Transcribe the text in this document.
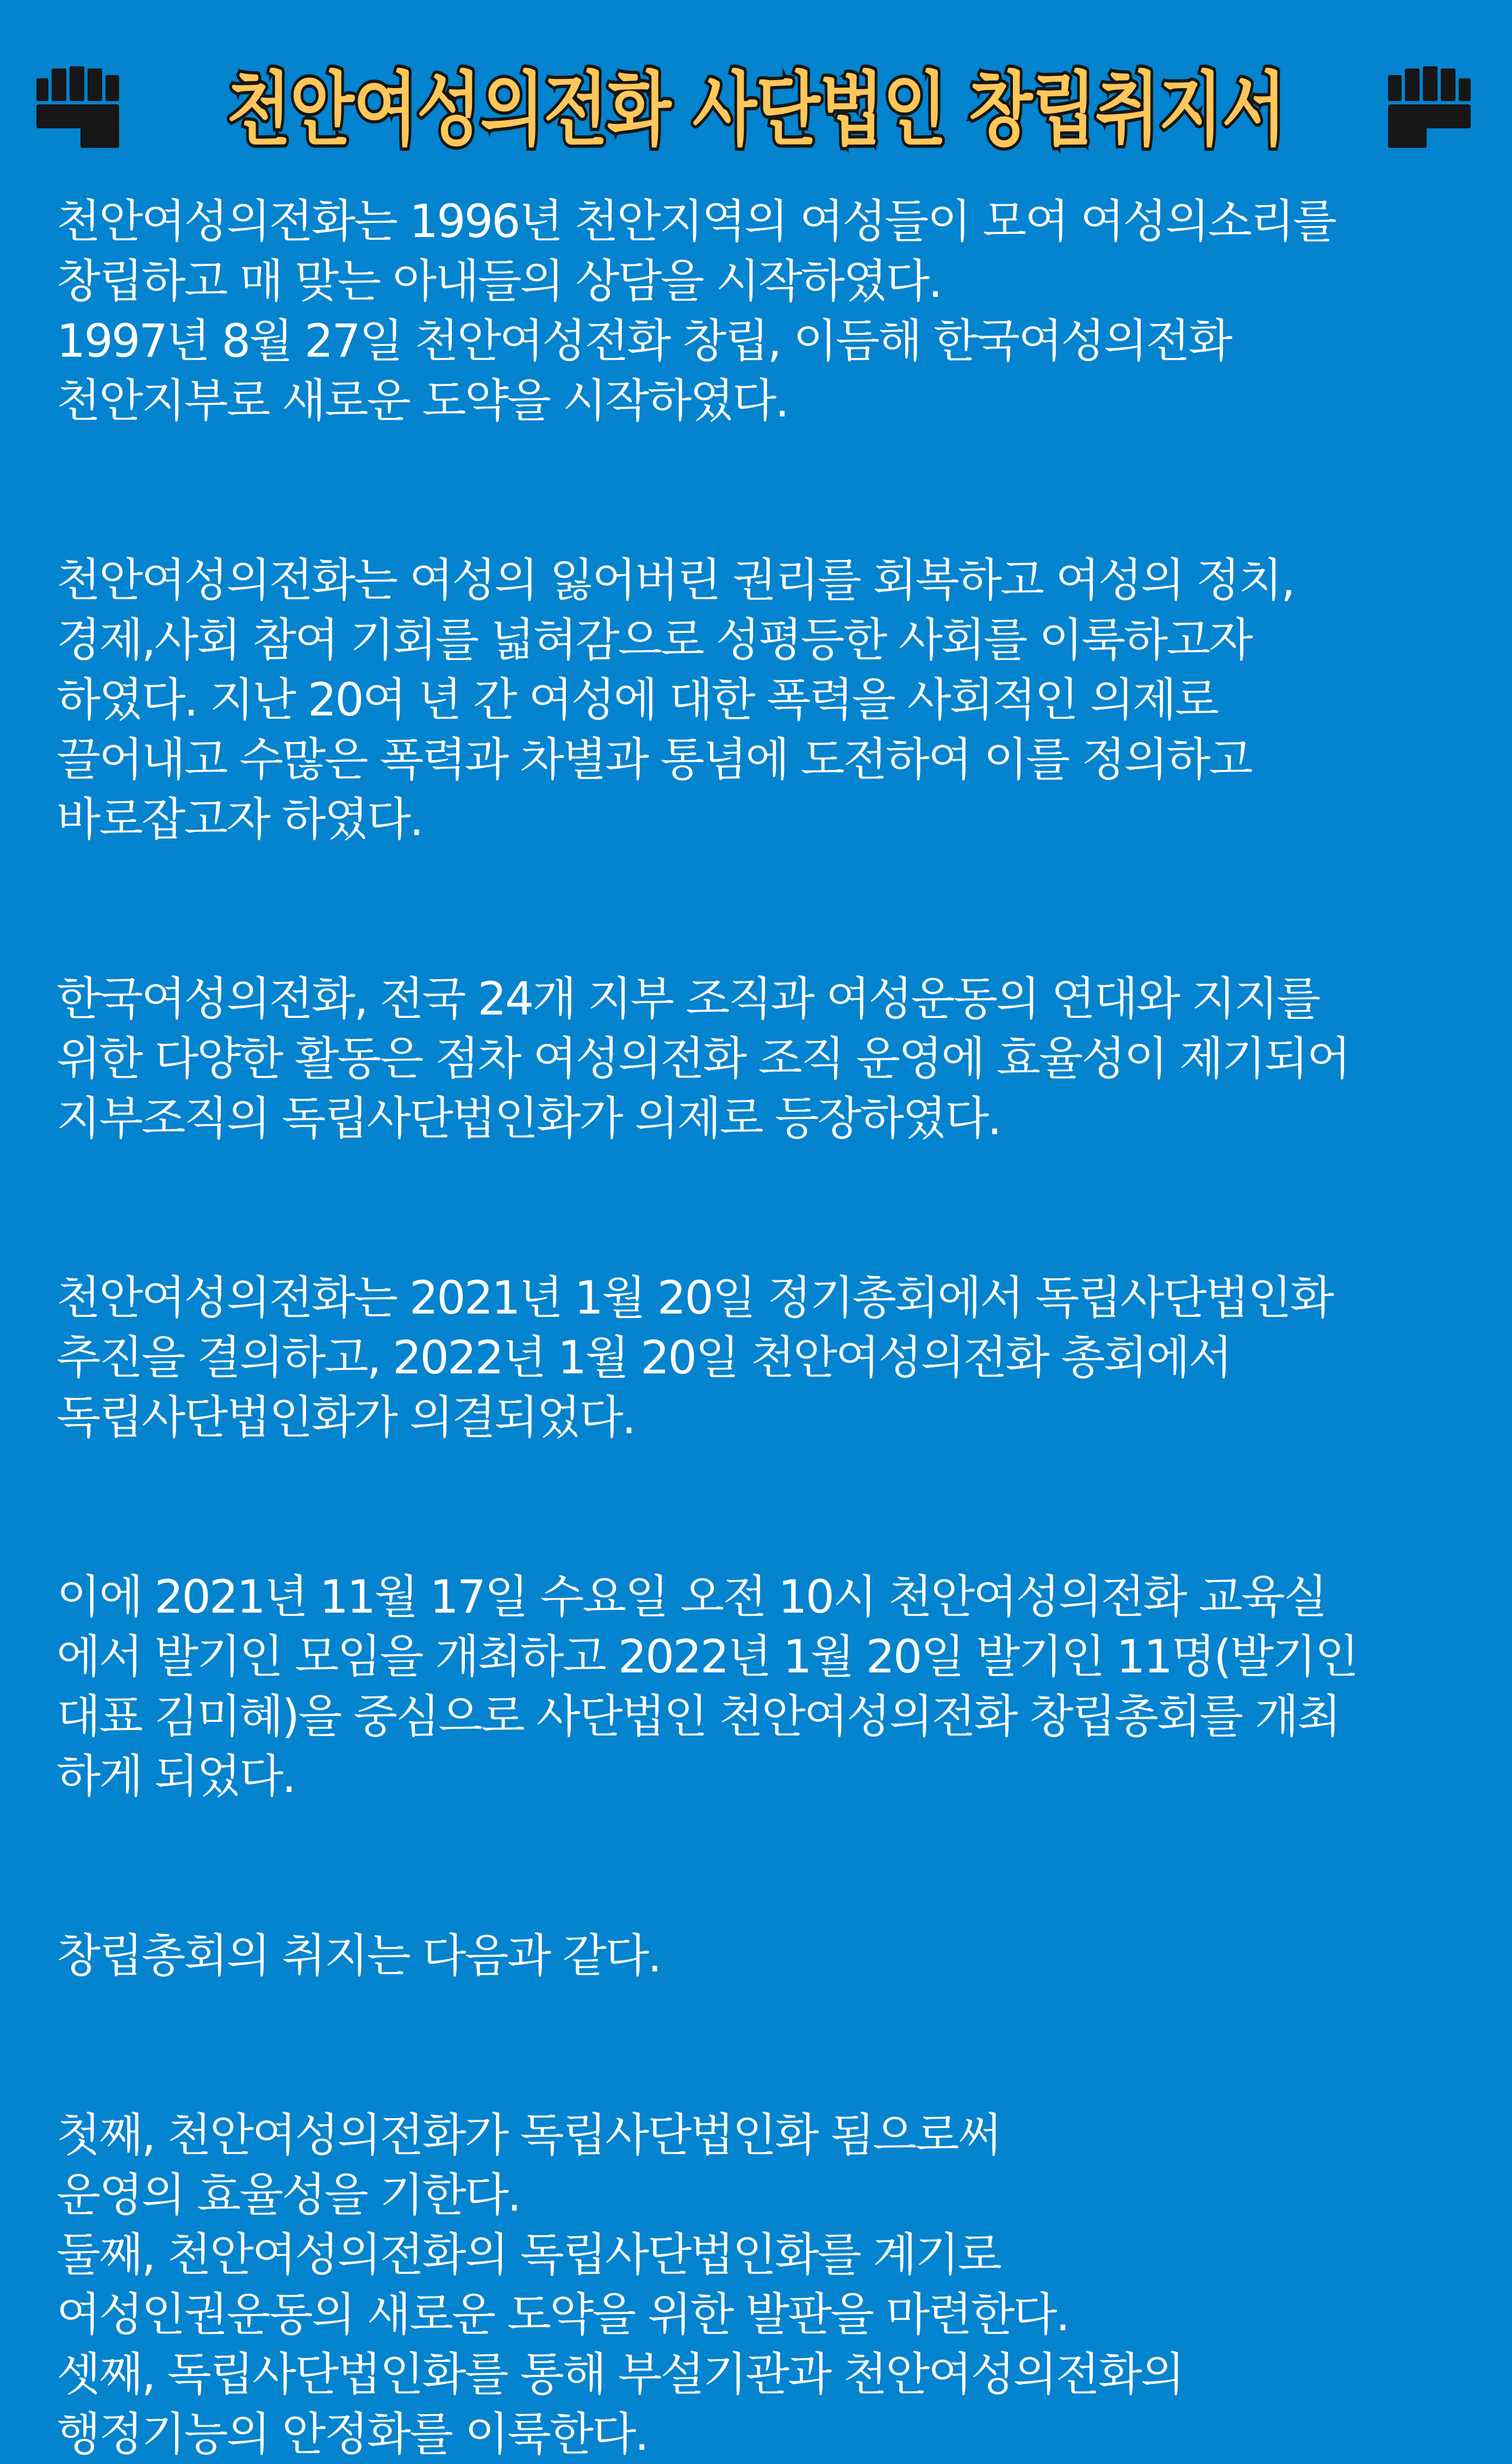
천안여성의전화 사단법인 창립취지서
천안여성의전화는 1996년 천안지역의 여성들이 모여 여성의소리를
창립하고 매 맞는 아내들의 상담을 시작하였다.
1997년 8월 27일 천안여성전화 창립, 이듬해 한국여성의전화
천안지부로 새로운 도약을 시작하였다.
천안여성의전화는 여성의 잃어버린 권리를 회복하고 여성의 정치,
경제,사회 참여 기회를 넓혀감으로 성평등한 사회를 이룩하고자
하였다. 지난 20여 년 간 여성에 대한 폭력을 사회적인 의제로
끌어내고 수많은 폭력과 차별과 통념에 도전하여 이를 정의하고
바로잡고자 하였다.
한국여성의전화, 전국 24개 지부 조직과 여성운동의 연대와 지지를
위한 다양한 활동은 점차 여성의전화 조직 운영에 효율성이 제기되어
지부조직의 독립사단법인화가 의제로 등장하였다.
천안여성의전화는 2021년 1월 20일 정기총회에서 독립사단법인화
추진을 결의하고, 2022년 1월 20일 천안여성의전화 총회에서
독립사단법인화가 의결되었다.
이에 2021년 11월 17일 수요일 오전 10시 천안여성의전화 교육실
에서 발기인 모임을 개최하고 2022년 1월 20일 발기인 11명(발기인
대표 김미혜)을 중심으로 사단법인 천안여성의전화 창립총회를 개최
하게 되었다.
창립총회의 취지는 다음과 같다.
첫째, 천안여성의전화가 독립사단법인화 됨으로써
운영의 효율성을 기한다.
둘째, 천안여성의전화의 독립사단법인화를 계기로
여성인권운동의 새로운 도약을 위한 발판을 마련한다.
셋째, 독립사단법인화를 통해 부설기관과 천안여성의전화의
행정기능의 안정화를 이룩한다.
